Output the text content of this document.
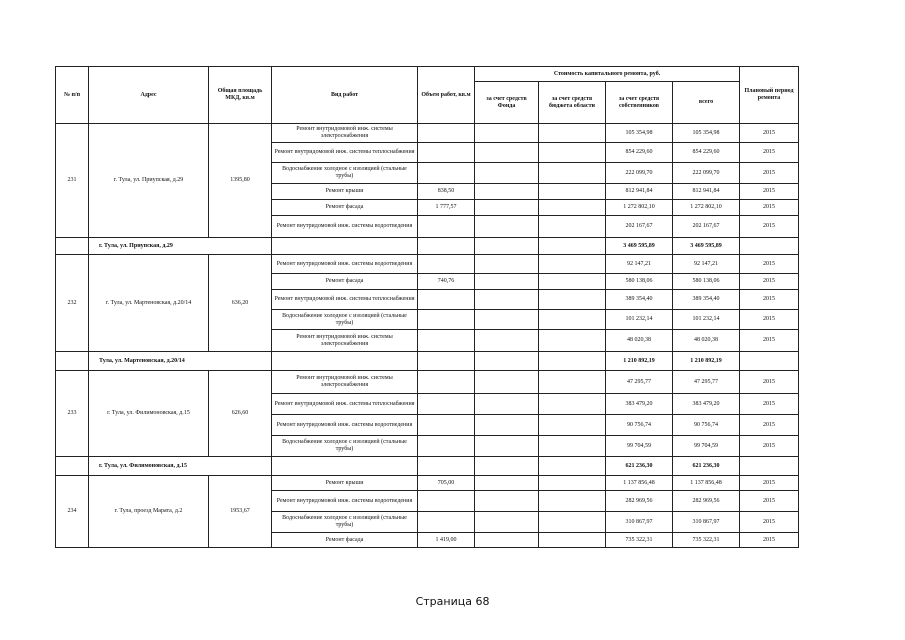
№ п/п	Адрес	Общая площадь МКД, кв.м	Вид работ	Объем работ, кв.м	Стоимость капитального ремонта, руб.				Плановый период ремонта
					за счет средств Фонда	за счет средств бюджета области	за счет средств собственников	всего	
231	г. Тула, ул. Приупская, д.29	1395,80	Ремонт внутридомовой инж. системы электроснабжения				105 354,98	105 354,98	2015
			Ремонт внутридомовой инж. системы теплоснабжения				854 229,60	854 229,60	2015
			Водоснабжение холодное с изоляцией (стальные трубы)				222 099,70	222 099,70	2015
			Ремонт крыши	838,50			812 941,84	812 941,84	2015
			Ремонт фасада	1 777,57			1 272 802,10	1 272 802,10	2015
			Ремонт внутридомовой инж. системы водоотведения				202 167,67	202 167,67	2015
	г. Тула, ул. Приупская, д.29						3 469 595,89	3 469 595,89	
232	г. Тула, ул. Мартеновская, д.20/14	636,20	Ремонт внутридомовой инж. системы водоотведения				92 147,21	92 147,21	2015
			Ремонт фасада	740,76			580 138,06	580 138,06	2015
			Ремонт внутридомовой инж. системы теплоснабжения				389 354,40	389 354,40	2015
			Водоснабжение холодное с изоляцией (стальные трубы)				101 232,14	101 232,14	2015
			Ремонт внутридомовой инж. системы электроснабжения				48 020,38	48 020,38	2015
	Тула, ул. Мартеновская, д.20/14						1 210 892,19	1 210 892,19	
233	г. Тула, ул. Филимоновская, д.15	626,60	Ремонт внутридомовой инж. системы электроснабжения				47 295,77	47 295,77	2015
			Ремонт внутридомовой инж. системы теплоснабжения				383 479,20	383 479,20	2015
			Ремонт внутридомовой инж. системы водоотведения				90 756,74	90 756,74	2015
			Водоснабжение холодное с изоляцией (стальные трубы)				99 704,59	99 704,59	2015
	г. Тула, ул. Филимоновская, д.15						621 236,30	621 236,30	
234	г. Тула, проезд Марата, д.2	1953,67	Ремонт крыши	705,00			1 137 856,48	1 137 856,48	2015
			Ремонт внутридомовой инж. системы водоотведения				282 969,56	282 969,56	2015
			Водоснабжение холодное с изоляцией (стальные трубы)				310 867,97	310 867,97	2015
			Ремонт фасада	1 419,00			735 322,31	735 322,31	2015
Страница 68
